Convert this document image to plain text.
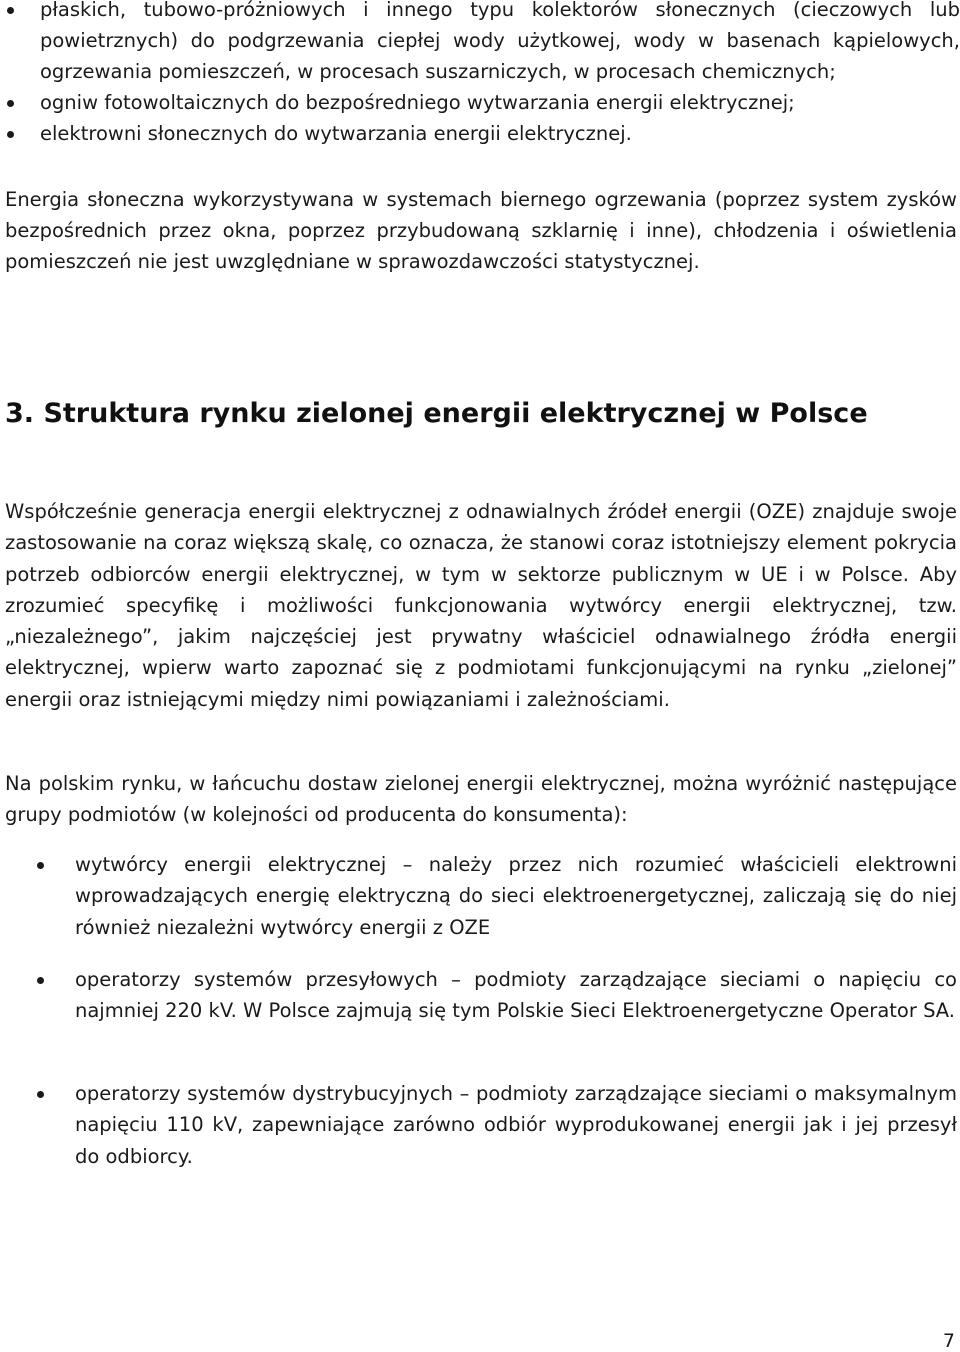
płaskich, tubowo-próżniowych i innego typu kolektorów słonecznych (cieczowych lub powietrznych) do podgrzewania ciepłej wody użytkowej, wody w basenach kąpielowych, ogrzewania pomieszczeń, w procesach suszarniczych, w procesach chemicznych;
ogniw fotowoltaicznych do bezpośredniego wytwarzania energii elektrycznej;
elektrowni słonecznych do wytwarzania energii elektrycznej.

Energia słoneczna wykorzystywana w systemach biernego ogrzewania (poprzez system zysków bezpośrednich przez okna, poprzez przybudowaną szklarnię i inne), chłodzenia i oświetlenia pomieszczeń nie jest uwzględniane w sprawozdawczości statystycznej.

3. Struktura rynku zielonej energii elektrycznej w Polsce

Współcześnie generacja energii elektrycznej z odnawialnych źródeł energii (OZE) znajduje swoje zastosowanie na coraz większą skalę, co oznacza, że stanowi coraz istotniejszy element pokrycia potrzeb odbiorców energii elektrycznej, w tym w sektorze publicznym w UE i w Polsce. Aby zrozumieć specyfikę i możliwości funkcjonowania wytwórcy energii elektrycznej, tzw. „niezależnego”, jakim najczęściej jest prywatny właściciel odnawialnego źródła energii elektrycznej, wpierw warto zapoznać się z podmiotami funkcjonującymi na rynku „zielonej” energii oraz istniejącymi między nimi powiązaniami i zależnościami.

Na polskim rynku, w łańcuchu dostaw zielonej energii elektrycznej, można wyróżnić następujące grupy podmiotów (w kolejności od producenta do konsumenta):

wytwórcy energii elektrycznej – należy przez nich rozumieć właścicieli elektrowni wprowadzających energię elektryczną do sieci elektroenergetycznej, zaliczają się do niej również niezależni wytwórcy energii z OZE
operatorzy systemów przesyłowych – podmioty zarządzające sieciami o napięciu co najmniej 220 kV. W Polsce zajmują się tym Polskie Sieci Elektroenergetyczne Operator SA.
operatorzy systemów dystrybucyjnych – podmioty zarządzające sieciami o maksymalnym napięciu 110 kV, zapewniające zarówno odbiór wyprodukowanej energii jak i jej przesył do odbiorcy.
7
